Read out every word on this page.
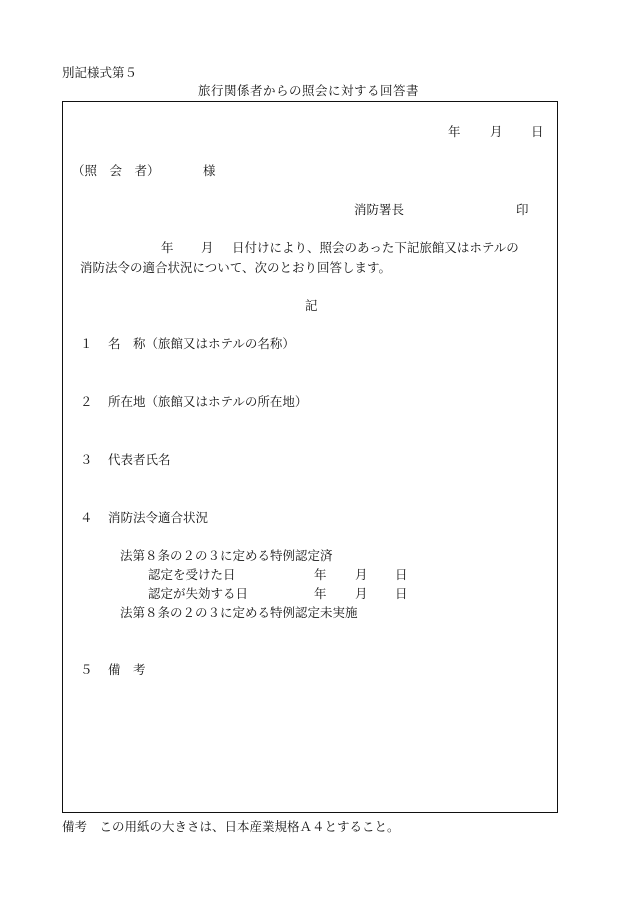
別記様式第５
旅行関係者からの照会に対する回答書
年 月 日
（照　会　者）	様
消防署長	印
年 月 日付けにより、照会のあった下記旅館又はホテルの
消防法令の適合状況について、次のとおり回答します。
記
１ 名　称（旅館又はホテルの名称）
２ 所在地（旅館又はホテルの所在地）
３ 代表者氏名
４ 消防法令適合状況
法第８条の２の３に定める特例認定済
認定を受けた日	年 月 日
認定が失効する日	年 月 日
法第８条の２の３に定める特例認定未実施
５ 備　考
備考　この用紙の大きさは、日本産業規格Ａ４とすること。
